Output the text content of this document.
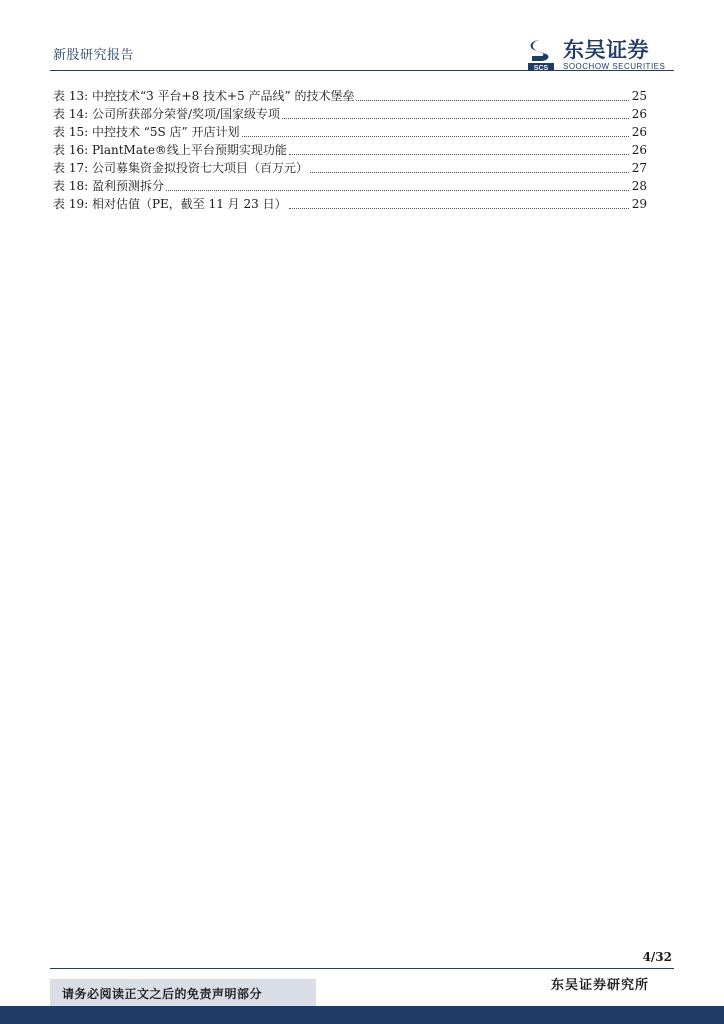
新股研究报告
SCS
东吴证券
SOOCHOW SECURITIES
表 13: 中控技术“3 平台+8 技术+5 产品线” 的技术堡垒	25
表 14: 公司所获部分荣誉/奖项/国家级专项	26
表 15: 中控技术 “5S 店” 开店计划	26
表 16: PlantMate®线上平台预期实现功能	26
表 17: 公司募集资金拟投资七大项目（百万元）	27
表 18: 盈利预测拆分	28
表 19: 相对估值（PE，截至 11 月 23 日）	29
4/32
请务必阅读正文之后的免责声明部分
东吴证券研究所
